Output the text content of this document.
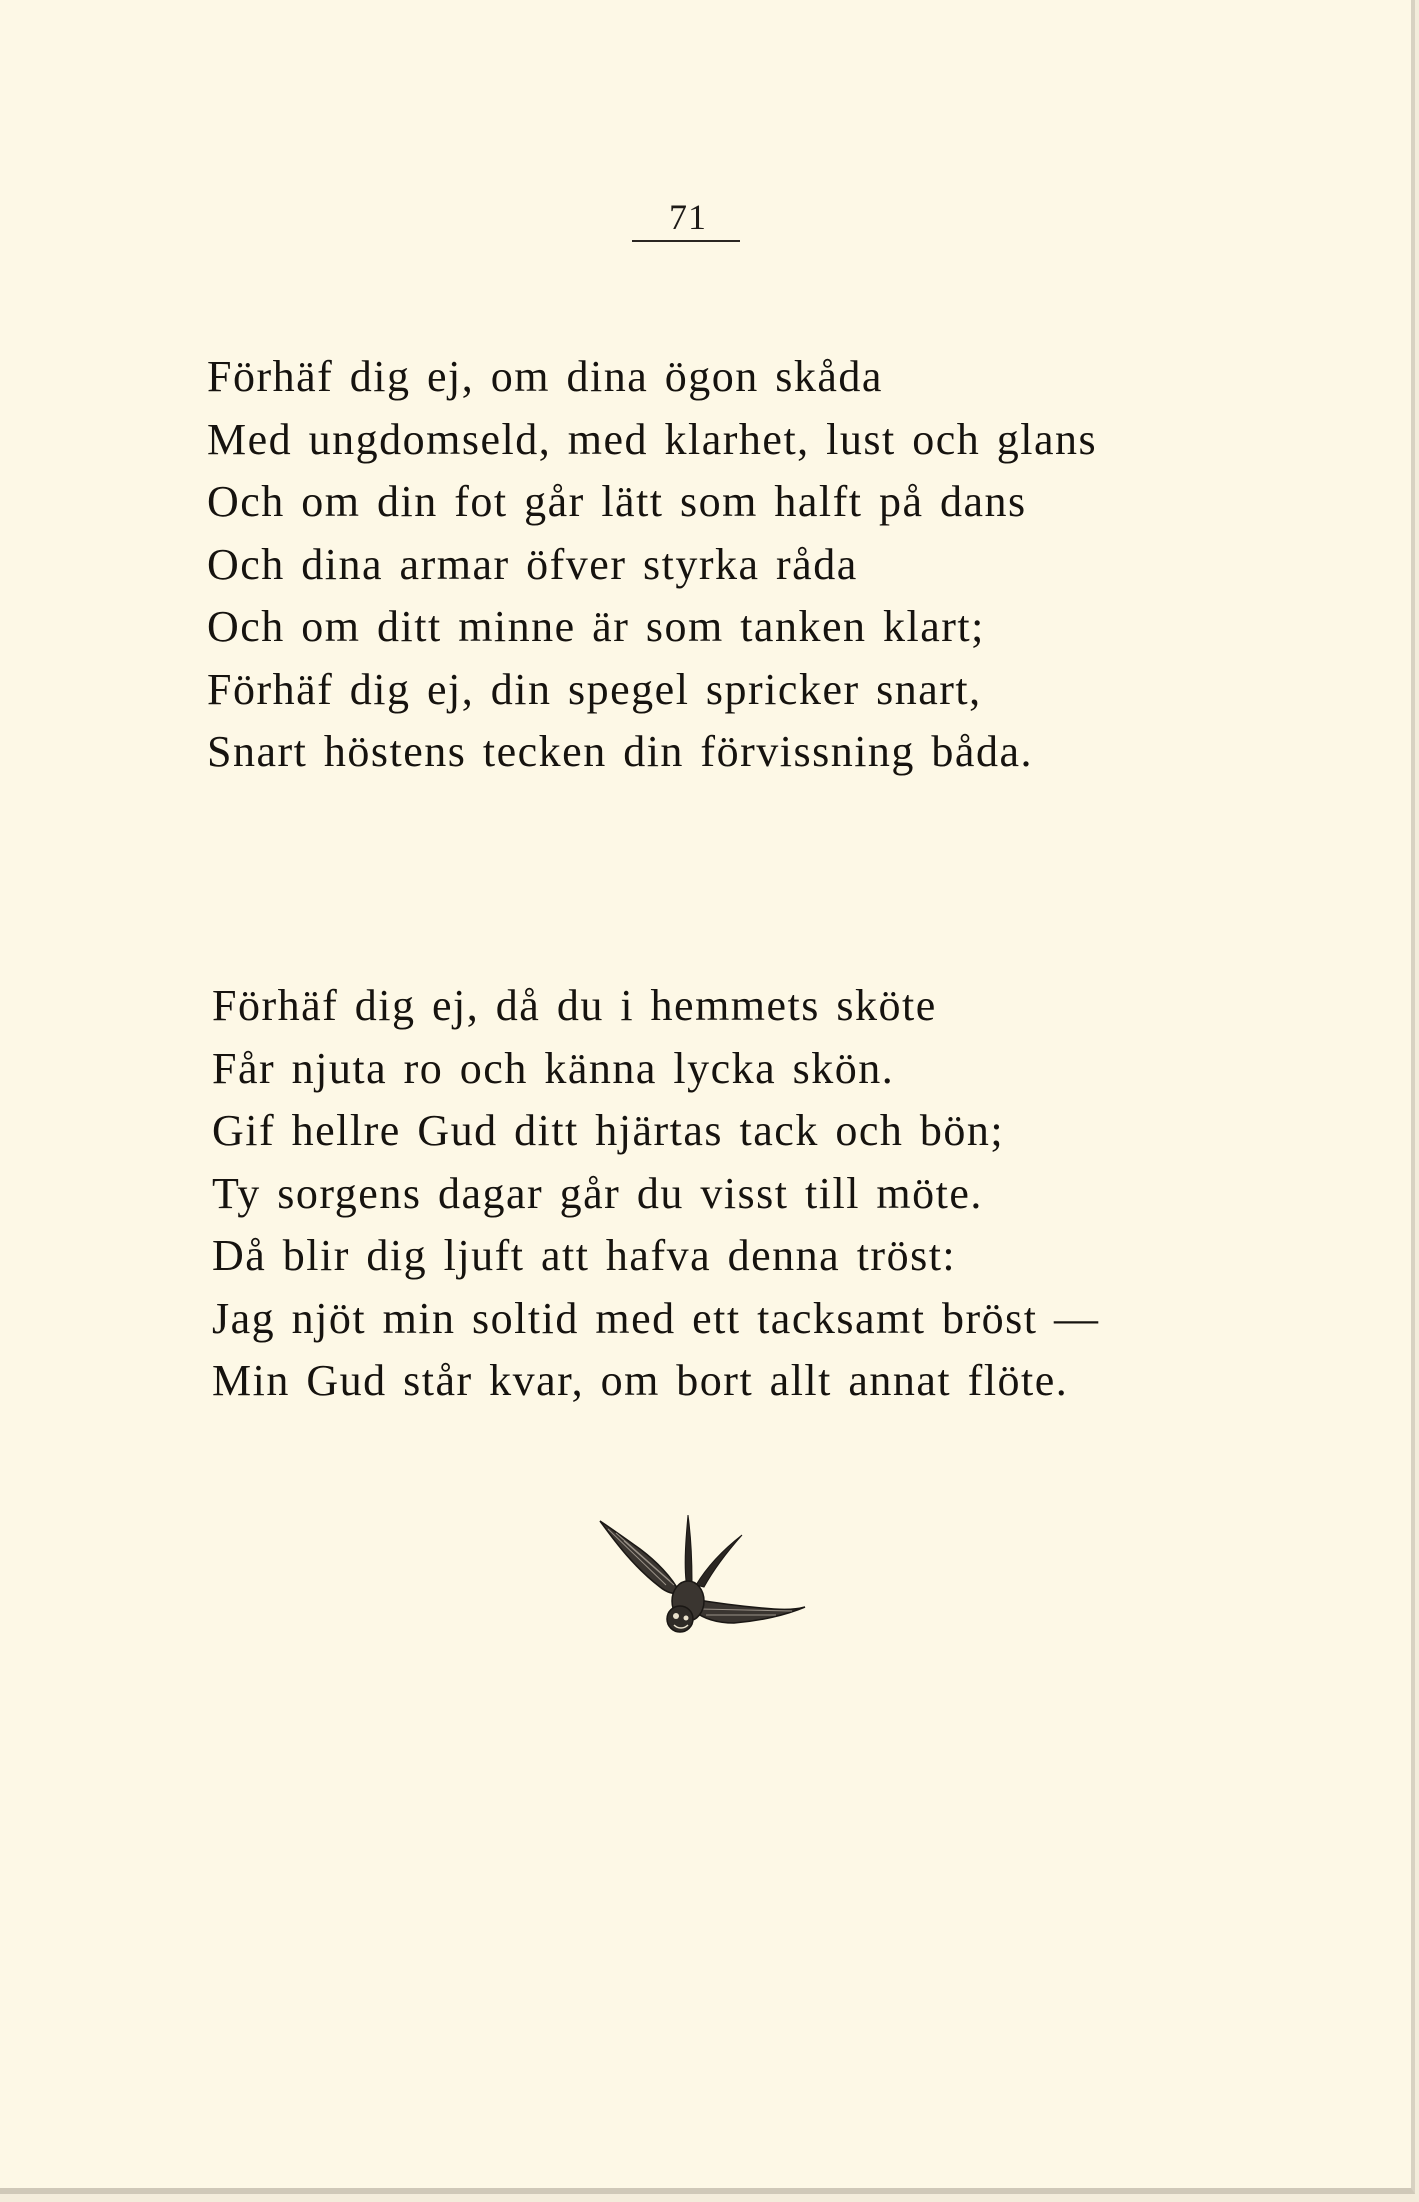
71
Förhäf dig ej, om dina ögon skåda
Med ungdomseld, med klarhet, lust och glans
Och om din fot går lätt som halft på dans
Och dina armar öfver styrka råda
Och om ditt minne är som tanken klart;
Förhäf dig ej, din spegel spricker snart,
Snart höstens tecken din förvissning båda.
Förhäf dig ej, då du i hemmets sköte
Får njuta ro och känna lycka skön.
Gif hellre Gud ditt hjärtas tack och bön;
Ty sorgens dagar går du visst till möte.
Då blir dig ljuft att hafva denna tröst:
Jag njöt min soltid med ett tacksamt bröst —
Min Gud står kvar, om bort allt annat flöte.
